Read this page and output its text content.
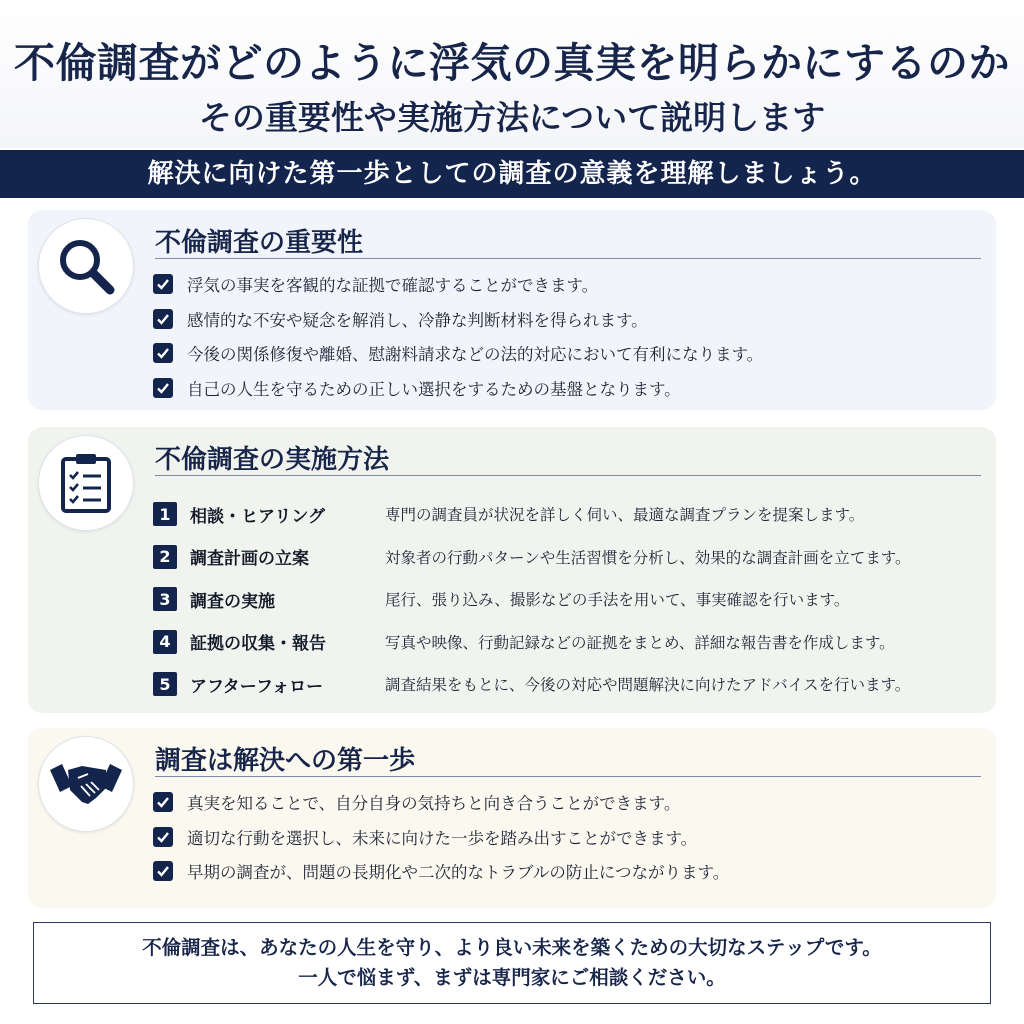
不倫調査がどのように浮気の真実を明らかにするのか
その重要性や実施方法について説明します
解決に向けた第一歩としての調査の意義を理解しましょう。
不倫調査の重要性
浮気の事実を客観的な証拠で確認することができます。
感情的な不安や疑念を解消し、冷静な判断材料を得られます。
今後の関係修復や離婚、慰謝料請求などの法的対応において有利になります。
自己の人生を守るための正しい選択をするための基盤となります。
不倫調査の実施方法
1	相談・ヒアリング	専門の調査員が状況を詳しく伺い、最適な調査プランを提案します。
2	調査計画の立案	対象者の行動パターンや生活習慣を分析し、効果的な調査計画を立てます。
3	調査の実施	尾行、張り込み、撮影などの手法を用いて、事実確認を行います。
4	証拠の収集・報告	写真や映像、行動記録などの証拠をまとめ、詳細な報告書を作成します。
5	アフターフォロー	調査結果をもとに、今後の対応や問題解決に向けたアドバイスを行います。
調査は解決への第一歩
真実を知ることで、自分自身の気持ちと向き合うことができます。
適切な行動を選択し、未来に向けた一歩を踏み出すことができます。
早期の調査が、問題の長期化や二次的なトラブルの防止につながります。

不倫調査は、あなたの人生を守り、より良い未来を築くための大切なステップです。

一人で悩まず、まずは専門家にご相談ください。
